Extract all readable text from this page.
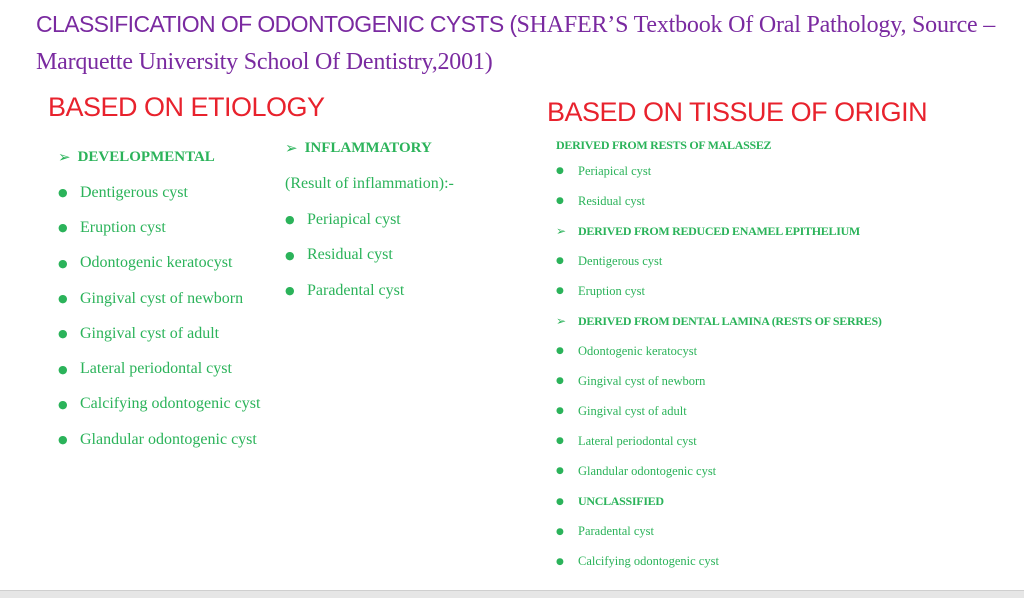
CLASSIFICATION OF ODONTOGENIC CYSTS (SHAFER’S Textbook Of Oral Pathology, Source – Marquette University School Of Dentistry,2001)
BASED ON ETIOLOGY	BASED ON TISSUE OF ORIGIN
➢ DEVELOPMENTAL
● Dentigerous cyst
● Eruption cyst
● Odontogenic keratocyst
● Gingival cyst of newborn
● Gingival cyst of adult
● Lateral periodontal cyst
● Calcifying odontogenic cyst
● Glandular odontogenic cyst
➢ INFLAMMATORY
(Result of inflammation):-
● Periapical cyst
● Residual cyst
● Paradental cyst
DERIVED FROM RESTS OF MALASSEZ
●	Periapical cyst
●	Residual cyst
➢	DERIVED FROM REDUCED ENAMEL EPITHELIUM
●	Dentigerous cyst
●	Eruption cyst
➢	DERIVED FROM DENTAL LAMINA (RESTS OF SERRES)
●	Odontogenic keratocyst
●	Gingival cyst of newborn
●	Gingival cyst of adult
●	Lateral periodontal cyst
●	Glandular odontogenic cyst
●	UNCLASSIFIED
●	Paradental cyst
●	Calcifying odontogenic cyst
